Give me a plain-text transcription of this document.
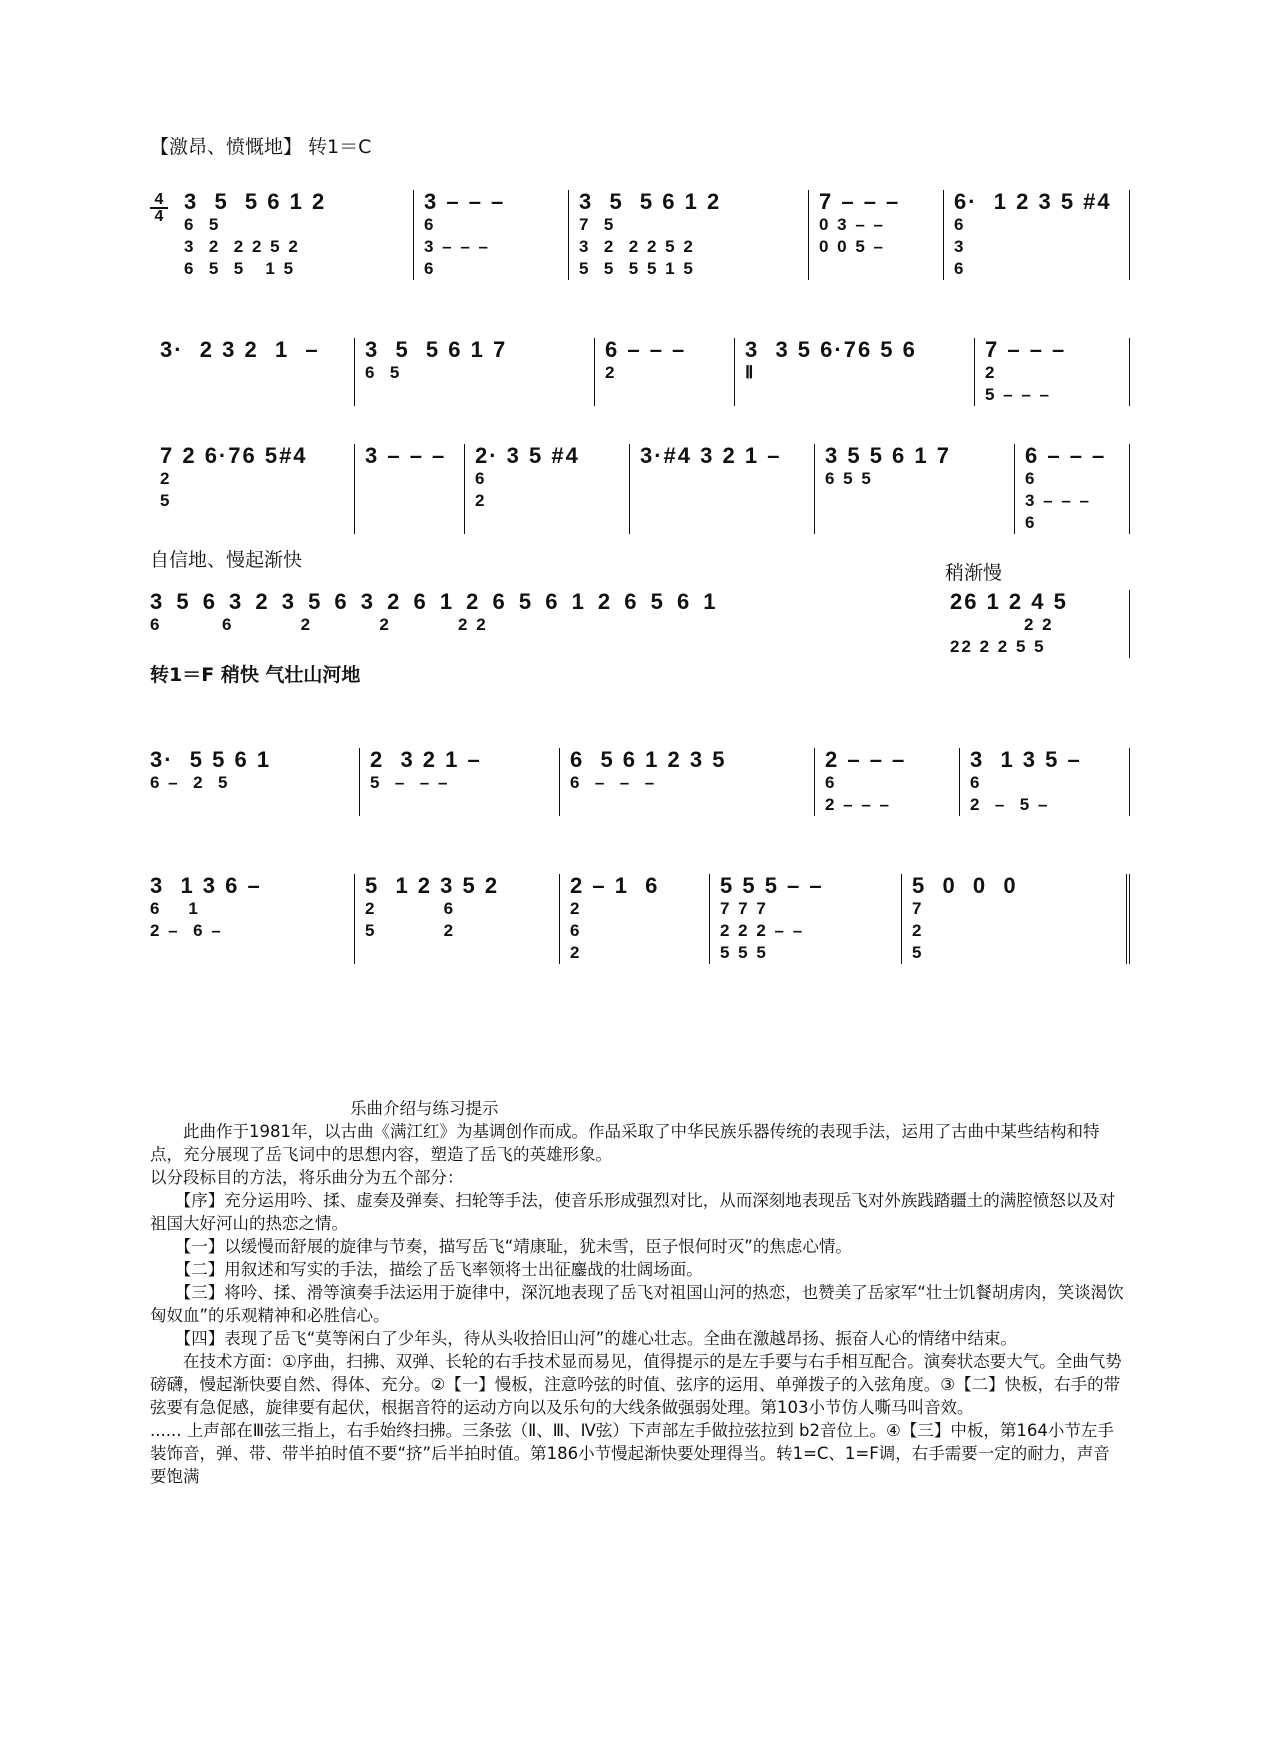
【激昂、愤慨地】 转1＝C
4
4
3  5  5 6 1 2
6  5
3  2  2 2 5 2
6  5  5   1 5
3 – – –
6
3 – – –
6
3  5  5 6 1 2
7  5
3  2  2 2 5 2
5  5  5 5 1 5
7 – – –
0 3 – –
0 0 5 –
6·  1 2 3 5 #4
6
3
6
3·  2 3 2  1  –	3  5  5 6 1 7
6  5
6 – – –
2
3  3 5 6·76 5 6
Ⅱ
7 – – –
2
5 – – –
7 2 6·76 5#4
2
5
3 – – –	2· 3 5 #4
6
2
3·#4 3 2 1 –	3 5 5 6 1 7
6 5 5
6 – – –
6
3 – – –
6
自信地、慢起渐快
稍渐慢
3 5 6 3 2 3 5 6 3 2 6 1 2 6 5 6 1 2 6 5 6 1
6         6          2          2          2 2
26 1 2 4 5
2 2
22 2 2 5 5
转1＝F 稍快 气壮山河地
3·  5 5 6 1
6 –  2  5
2  3 2 1 –
5  –  – –
6  5 6 1 2 3 5
6  –  –  –
2 – – –
6
2 – – –
3  1 3 5 –
6
2  –  5 –
3  1 3 6 –
6    1
2 –  6 –
5  1 2 3 5 2
2          6
5          2
2 – 1  6
2
6
2
5 5 5 – –
7 7 7
2 2 2 – –
5 5 5
5  0  0  0
7
2
5
乐曲介绍与练习提示
　　此曲作于1981年，以古曲《满江红》为基调创作而成。作品采取了中华民族乐器传统的表现手法，运用了古曲中某些结构和特点，充分展现了岳飞词中的思想内容，塑造了岳飞的英雄形象。
以分段标目的方法，将乐曲分为五个部分：
　　【序】充分运用吟、揉、虚奏及弹奏、扫轮等手法，使音乐形成强烈对比，从而深刻地表现岳飞对外族践踏疆土的满腔愤怒以及对祖国大好河山的热恋之情。
　　【一】以缓慢而舒展的旋律与节奏，描写岳飞“靖康耻，犹未雪，臣子恨何时灭”的焦虑心情。
　　【二】用叙述和写实的手法，描绘了岳飞率领将士出征鏖战的壮阔场面。
　　【三】将吟、揉、滑等演奏手法运用于旋律中，深沉地表现了岳飞对祖国山河的热恋，也赞美了岳家军“壮士饥餐胡虏肉，笑谈渴饮匈奴血”的乐观精神和必胜信心。
　　【四】表现了岳飞“莫等闲白了少年头，待从头收拾旧山河”的雄心壮志。全曲在激越昂扬、振奋人心的情绪中结束。
　　在技术方面：①序曲，扫拂、双弹、长轮的右手技术显而易见，值得提示的是左手要与右手相互配合。演奏状态要大气。全曲气势磅礴，慢起渐快要自然、得体、充分。②【一】慢板，注意吟弦的时值、弦序的运用、单弹拨子的入弦角度。③【二】快板，右手的带弦要有急促感，旋律要有起伏，根据音符的运动方向以及乐句的大线条做强弱处理。第103小节仿人嘶马叫音效。
...... 上声部在Ⅲ弦三指上，右手始终扫拂。三条弦（Ⅱ、Ⅲ、Ⅳ弦）下声部左手做拉弦拉到 b2音位上。④【三】中板，第164小节左手装饰音，弹、带、带半拍时值不要“挤”后半拍时值。第186小节慢起渐快要处理得当。转1=C、1=F调，右手需要一定的耐力，声音要饱满
